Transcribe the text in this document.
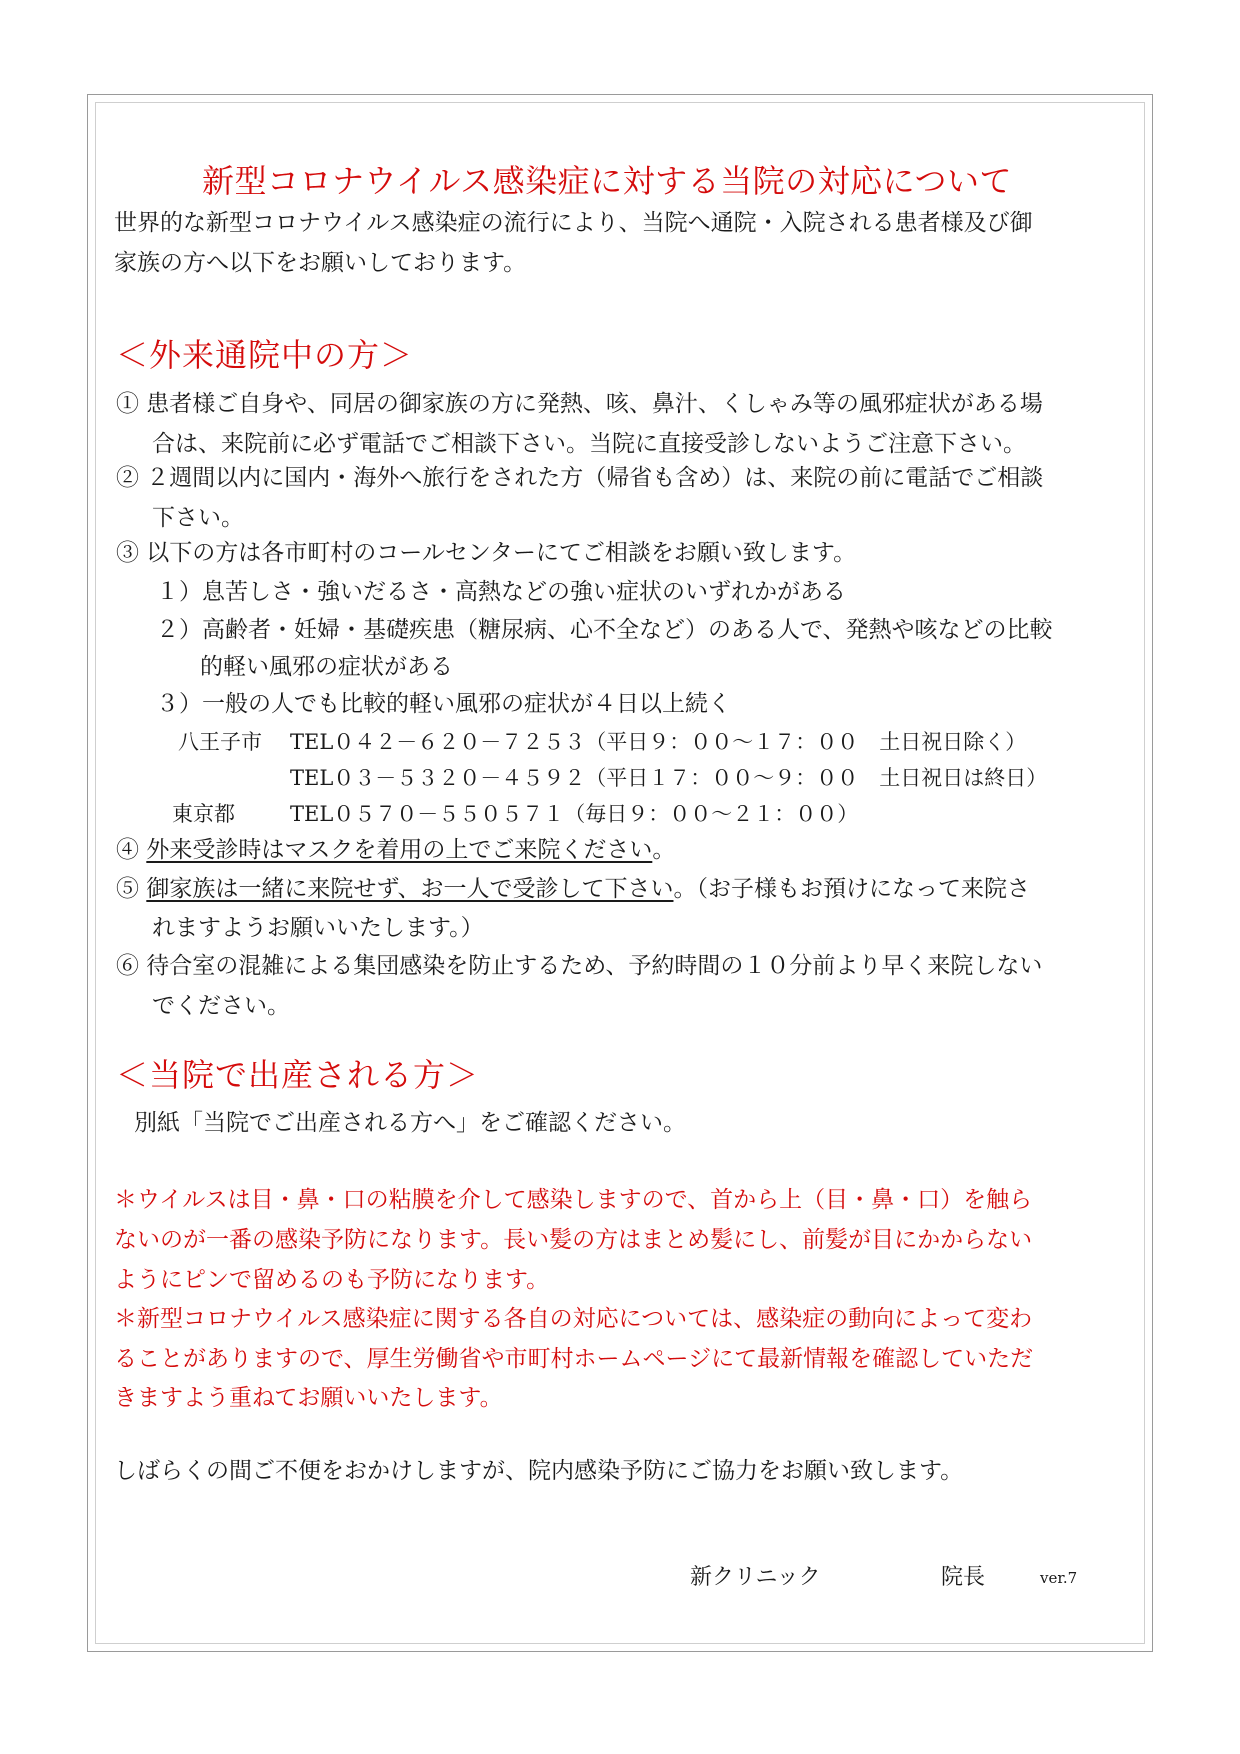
新型コロナウイルス感染症に対する当院の対応について
世界的な新型コロナウイルス感染症の流行により、当院へ通院・入院される患者様及び御
家族の方へ以下をお願いしております。
＜外来通院中の方＞
① 患者様ご自身や、同居の御家族の方に発熱、咳、鼻汁、くしゃみ等の風邪症状がある場
合は、来院前に必ず電話でご相談下さい。当院に直接受診しないようご注意下さい。
② ２週間以内に国内・海外へ旅行をされた方（帰省も含め）は、来院の前に電話でご相談
下さい。
③ 以下の方は各市町村のコールセンターにてご相談をお願い致します。
１）息苦しさ・強いだるさ・高熱などの強い症状のいずれかがある
２）高齢者・妊婦・基礎疾患（糖尿病、心不全など）のある人で、発熱や咳などの比較
的軽い風邪の症状がある
３）一般の人でも比較的軽い風邪の症状が４日以上続く
八王子市 TEL０４２－６２０－７２５３（平日９：００～１７：００　土日祝日除く）
TEL０３－５３２０－４５９２（平日１７：００～９：００　土日祝日は終日）
東京都	TEL０５７０－５５０５７１（毎日９：００～２１：００）
④ 外来受診時はマスクを着用の上でご来院ください。
⑤ 御家族は一緒に来院せず、お一人で受診して下さい。（お子様もお預けになって来院さ
れますようお願いいたします。）
⑥ 待合室の混雑による集団感染を防止するため、予約時間の１０分前より早く来院しない
でください。
＜当院で出産される方＞
別紙「当院でご出産される方へ」をご確認ください。
＊ウイルスは目・鼻・口の粘膜を介して感染しますので、首から上（目・鼻・口）を触ら
ないのが一番の感染予防になります。長い髪の方はまとめ髪にし、前髪が目にかからない
ようにピンで留めるのも予防になります。
＊新型コロナウイルス感染症に関する各自の対応については、感染症の動向によって変わ
ることがありますので、厚生労働省や市町村ホームページにて最新情報を確認していただ
きますよう重ねてお願いいたします。
しばらくの間ご不便をおかけしますが、院内感染予防にご協力をお願い致します。
新クリニック	院長	ver.7
